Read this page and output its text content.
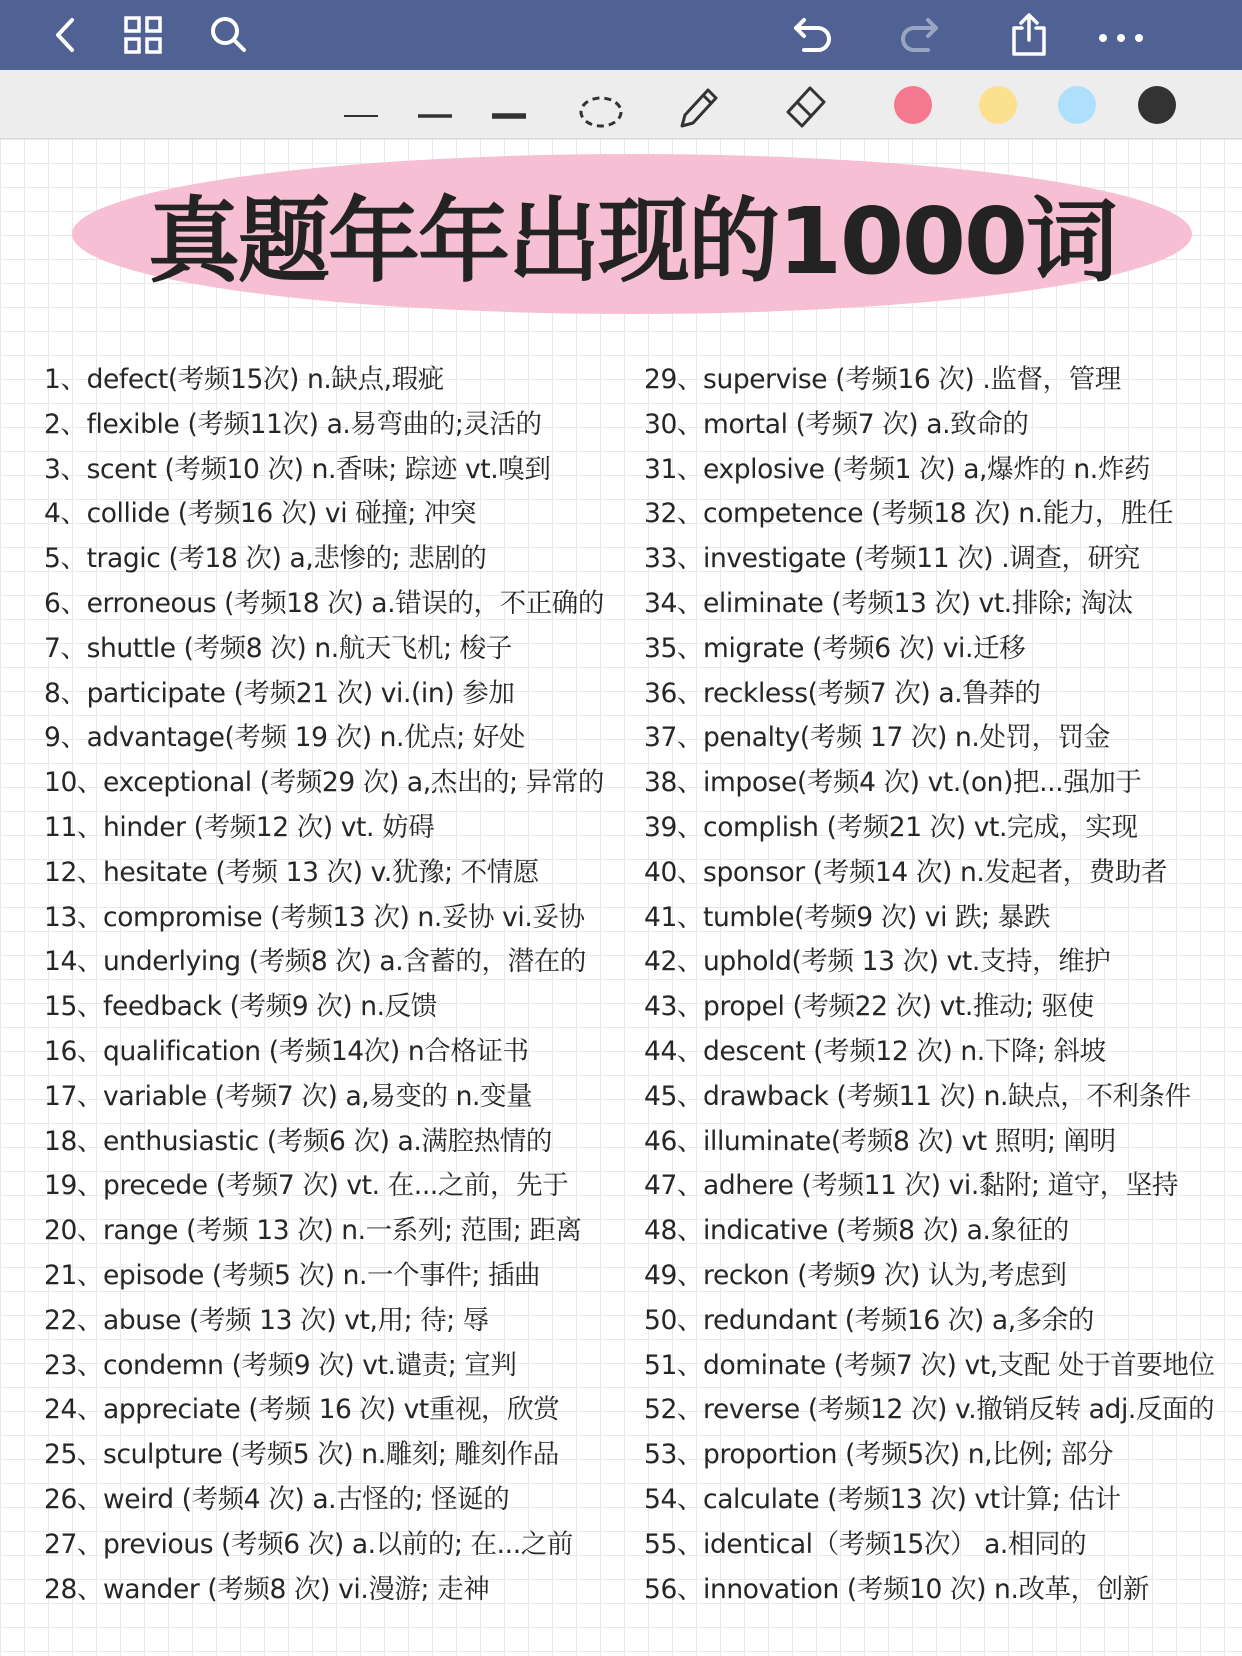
真题年年出现的1000词
1、defect(考频15次) n.缺点,瑕疵
2、flexible (考频11次) a.易弯曲的;灵活的
3、scent (考频10 次) n.香味; 踪迹 vt.嗅到
4、collide (考频16 次) vi 碰撞; 冲突
5、tragic (考18 次) a,悲惨的; 悲剧的
6、erroneous (考频18 次) a.错误的，不正确的
7、shuttle (考频8 次) n.航天飞机; 梭子
8、participate (考频21 次) vi.(in) 参加
9、advantage(考频 19 次) n.优点; 好处
10、exceptional (考频29 次) a,杰出的; 异常的
11、hinder (考频12 次) vt. 妨碍
12、hesitate (考频 13 次) v.犹豫; 不情愿
13、compromise (考频13 次) n.妥协 vi.妥协
14、underlying (考频8 次) a.含蓄的，潜在的
15、feedback (考频9 次) n.反馈
16、qualification (考频14次) n合格证书
17、variable (考频7 次) a,易变的 n.变量
18、enthusiastic (考频6 次) a.满腔热情的
19、precede (考频7 次) vt. 在...之前，先于
20、range (考频 13 次) n.一系列; 范围; 距离
21、episode (考频5 次) n.一个事件; 插曲
22、abuse (考频 13 次) vt,用; 待; 辱
23、condemn (考频9 次) vt.谴责; 宣判
24、appreciate (考频 16 次) vt重视，欣赏
25、sculpture (考频5 次) n.雕刻; 雕刻作品
26、weird (考频4 次) a.古怪的; 怪诞的
27、previous (考频6 次) a.以前的; 在...之前
28、wander (考频8 次) vi.漫游; 走神
29、supervise (考频16 次) .监督，管理
30、mortal (考频7 次) a.致命的
31、explosive (考频1 次) a,爆炸的 n.炸药
32、competence (考频18 次) n.能力，胜任
33、investigate (考频11 次) .调查，研究
34、eliminate (考频13 次) vt.排除; 淘汰
35、migrate (考频6 次) vi.迁移
36、reckless(考频7 次) a.鲁莽的
37、penalty(考频 17 次) n.处罚，罚金
38、impose(考频4 次) vt.(on)把...强加于
39、complish (考频21 次) vt.完成，实现
40、sponsor (考频14 次) n.发起者，费助者
41、tumble(考频9 次) vi 跌; 暴跌
42、uphold(考频 13 次) vt.支持，维护
43、propel (考频22 次) vt.推动; 驱使
44、descent (考频12 次) n.下降; 斜坡
45、drawback (考频11 次) n.缺点，不利条件
46、illuminate(考频8 次) vt 照明; 阐明
47、adhere (考频11 次) vi.黏附; 道守，坚持
48、indicative (考频8 次) a.象征的
49、reckon (考频9 次) 认为,考虑到
50、redundant (考频16 次) a,多余的
51、dominate (考频7 次) vt,支配 处于首要地位
52、reverse (考频12 次) v.撤销反转 adj.反面的
53、proportion (考频5次) n,比例; 部分
54、calculate (考频13 次) vt计算; 估计
55、identical（考频15次） a.相同的
56、innovation (考频10 次) n.改革，创新
